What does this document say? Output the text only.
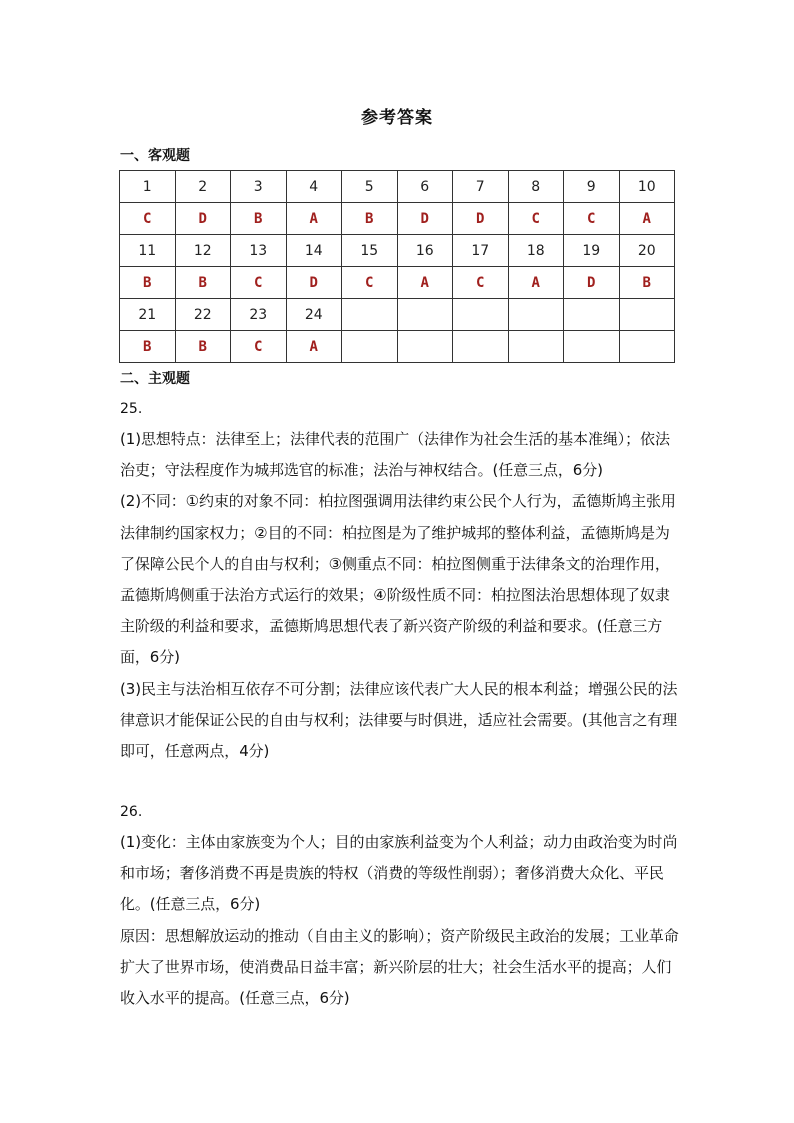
参考答案
一、客观题
1	2	3	4	5	6	7	8	9	10
C	D	B	A	B	D	D	C	C	A
11	12	13	14	15	16	17	18	19	20
B	B	C	D	C	A	C	A	D	B
21	22	23	24						
B	B	C	A						
二、主观题
25.

(1)思想特点：法律至上；法律代表的范围广（法律作为社会生活的基本准绳）；依法治吏；守法程度作为城邦选官的标准；法治与神权结合。(任意三点，6分)

(2)不同：①约束的对象不同：柏拉图强调用法律约束公民个人行为，孟德斯鸠主张用法律制约国家权力；②目的不同：柏拉图是为了维护城邦的整体利益，孟德斯鸠是为了保障公民个人的自由与权利；③侧重点不同：柏拉图侧重于法律条文的治理作用，孟德斯鸠侧重于法治方式运行的效果；④阶级性质不同：柏拉图法治思想体现了奴隶主阶级的利益和要求，孟德斯鸠思想代表了新兴资产阶级的利益和要求。(任意三方面，6分)

(3)民主与法治相互依存不可分割；法律应该代表广大人民的根本利益；增强公民的法律意识才能保证公民的自由与权利；法律要与时俱进，适应社会需要。(其他言之有理即可，任意两点，4分)

26.

(1)变化：主体由家族变为个人；目的由家族利益变为个人利益；动力由政治变为时尚和市场；奢侈消费不再是贵族的特权（消费的等级性削弱）；奢侈消费大众化、平民化。(任意三点，6分)

原因：思想解放运动的推动（自由主义的影响）；资产阶级民主政治的发展；工业革命扩大了世界市场，使消费品日益丰富；新兴阶层的壮大；社会生活水平的提高；人们收入水平的提高。(任意三点，6分)
